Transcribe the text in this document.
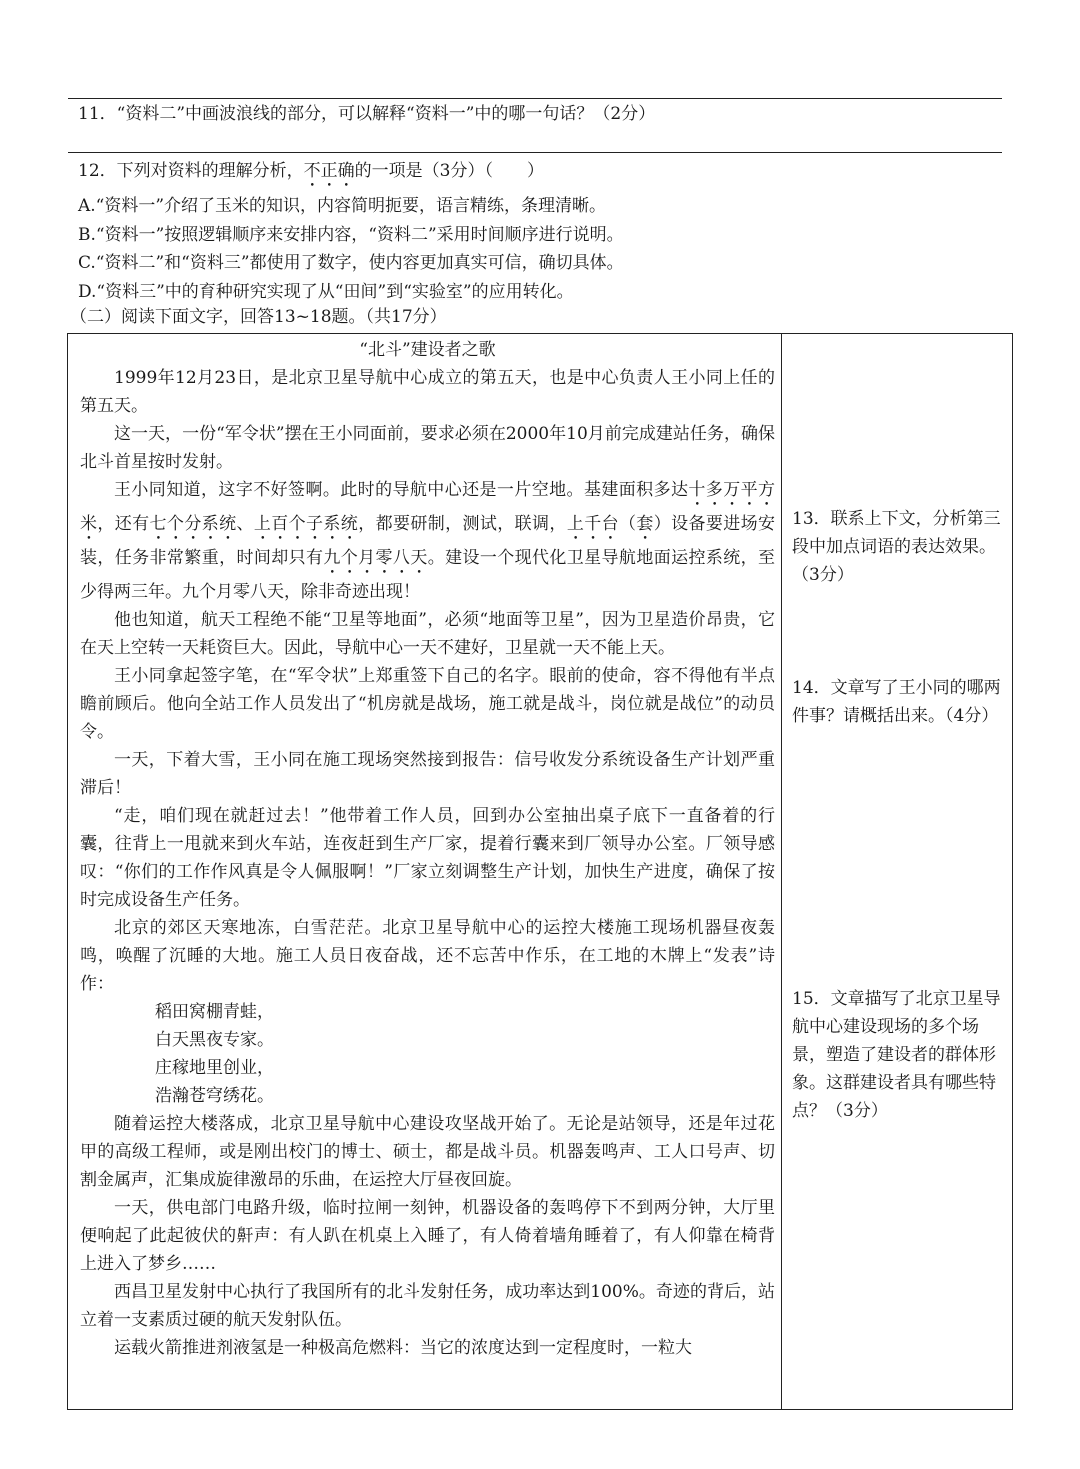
11．“资料二”中画波浪线的部分，可以解释“资料一”中的哪一句话？（2分）
12．下列对资料的理解分析，不正确的一项是（3分）（　　）
A.“资料一”介绍了玉米的知识，内容简明扼要，语言精练，条理清晰。
B.“资料一”按照逻辑顺序来安排内容，“资料二”采用时间顺序进行说明。
C.“资料二”和“资料三”都使用了数字，使内容更加真实可信，确切具体。
D.“资料三”中的育种研究实现了从“田间”到“实验室”的应用转化。
（二）阅读下面文字，回答13~18题。（共17分）
“北斗”建设者之歌

1999年12月23日，是北京卫星导航中心成立的第五天，也是中心负责人王小同上任的第五天。

这一天，一份“军令状”摆在王小同面前，要求必须在2000年10月前完成建站任务，确保北斗首星按时发射。

王小同知道，这字不好签啊。此时的导航中心还是一片空地。基建面积多达十多万平方米，还有七个分系统、上百个子系统，都要研制，测试，联调，上千台（套）设备要进场安装，任务非常繁重，时间却只有九个月零八天。建设一个现代化卫星导航地面运控系统，至少得两三年。九个月零八天，除非奇迹出现！

他也知道，航天工程绝不能“卫星等地面”，必须“地面等卫星”，因为卫星造价昂贵，它在天上空转一天耗资巨大。因此，导航中心一天不建好，卫星就一天不能上天。

王小同拿起签字笔，在“军令状”上郑重签下自己的名字。眼前的使命，容不得他有半点瞻前顾后。他向全站工作人员发出了“机房就是战场，施工就是战斗，岗位就是战位”的动员令。

一天，下着大雪，王小同在施工现场突然接到报告：信号收发分系统设备生产计划严重滞后！

“走，咱们现在就赶过去！”他带着工作人员，回到办公室抽出桌子底下一直备着的行囊，往背上一甩就来到火车站，连夜赶到生产厂家，提着行囊来到厂领导办公室。厂领导感叹：“你们的工作作风真是令人佩服啊！”厂家立刻调整生产计划，加快生产进度，确保了按时完成设备生产任务。

北京的郊区天寒地冻，白雪茫茫。北京卫星导航中心的运控大楼施工现场机器昼夜轰鸣，唤醒了沉睡的大地。施工人员日夜奋战，还不忘苦中作乐，在工地的木牌上“发表”诗作：

稻田窝棚青蛙，

白天黑夜专家。

庄稼地里创业，

浩瀚苍穹绣花。

随着运控大楼落成，北京卫星导航中心建设攻坚战开始了。无论是站领导，还是年过花甲的高级工程师，或是刚出校门的博士、硕士，都是战斗员。机器轰鸣声、工人口号声、切割金属声，汇集成旋律激昂的乐曲，在运控大厅昼夜回旋。

一天，供电部门电路升级，临时拉闸一刻钟，机器设备的轰鸣停下不到两分钟，大厅里便响起了此起彼伏的鼾声：有人趴在机桌上入睡了，有人倚着墙角睡着了，有人仰靠在椅背上进入了梦乡……

西昌卫星发射中心执行了我国所有的北斗发射任务，成功率达到100%。奇迹的背后，站立着一支素质过硬的航天发射队伍。

运载火箭推进剂液氢是一种极高危燃料：当它的浓度达到一定程度时，一粒大

13．联系上下文，分析第三段中加点词语的表达效果。（3分）
14．文章写了王小同的哪两件事？请概括出来。（4分）
15．文章描写了北京卫星导航中心建设现场的多个场景，塑造了建设者的群体形象。这群建设者具有哪些特点？（3分）
